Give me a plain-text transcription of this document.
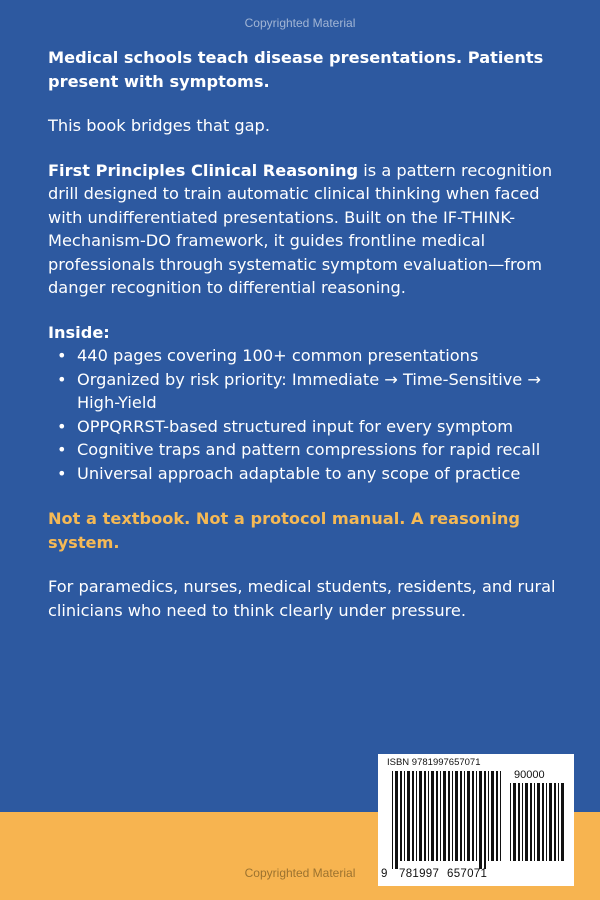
Copyrighted Material

Medical schools teach disease presentations. Patients present with symptoms.

This book bridges that gap.

First Principles Clinical Reasoning is a pattern recognition drill designed to train automatic clinical thinking when faced with undifferentiated presentations. Built on the IF-THINK-Mechanism-DO framework, it guides frontline medical professionals through systematic symptom evaluation—from danger recognition to differential reasoning.

Inside:

• 440 pages covering 100+ common presentations
• Organized by risk priority: Immediate → Time-Sensitive → High-Yield
• OPPQRRST-based structured input for every symptom
• Cognitive traps and pattern compressions for rapid recall
• Universal approach adaptable to any scope of practice

Not a textbook. Not a protocol manual. A reasoning system.

For paramedics, nurses, medical students, residents, and rural clinicians who need to think clearly under pressure.

ISBN 9781997657071
90000
9 781997 657071
Copyrighted Material
